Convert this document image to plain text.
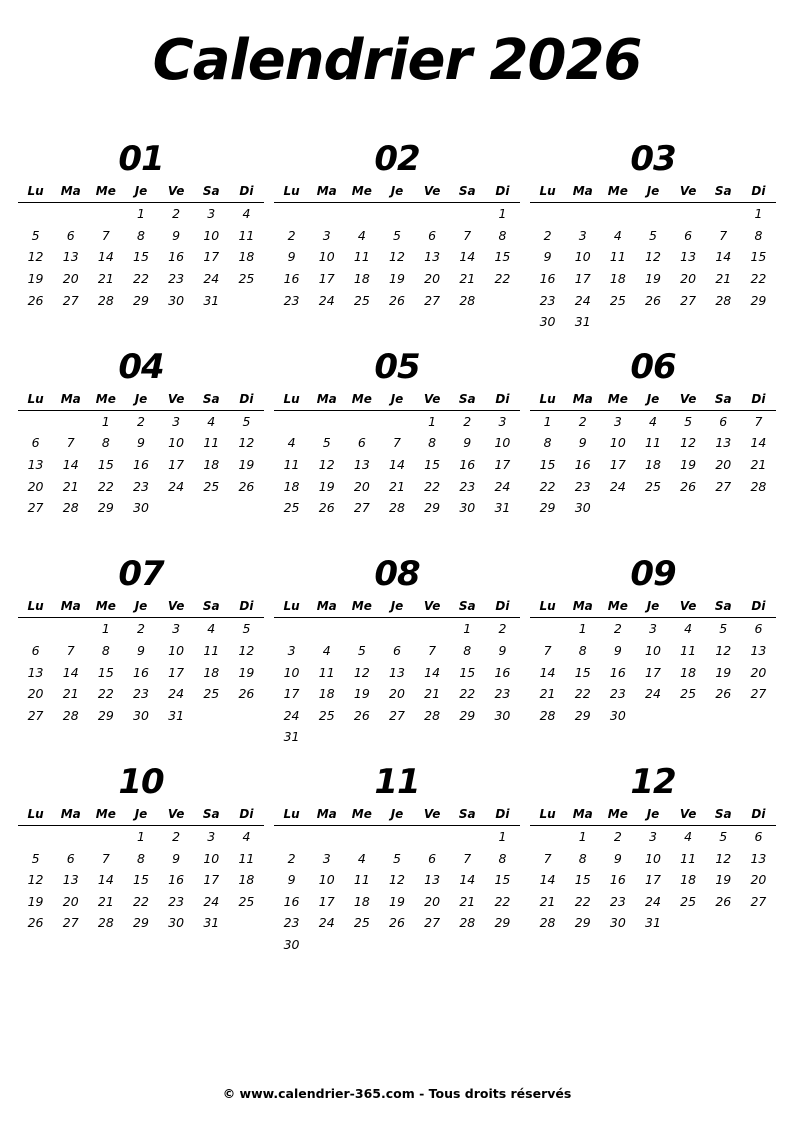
Calendrier 2026
01
Lu	Ma	Me	Je	Ve	Sa	Di
			1	2	3	4
5	6	7	8	9	10	11
12	13	14	15	16	17	18
19	20	21	22	23	24	25
26	27	28	29	30	31	

02
Lu	Ma	Me	Je	Ve	Sa	Di
						1
2	3	4	5	6	7	8
9	10	11	12	13	14	15
16	17	18	19	20	21	22
23	24	25	26	27	28	

03
Lu	Ma	Me	Je	Ve	Sa	Di
						1
2	3	4	5	6	7	8
9	10	11	12	13	14	15
16	17	18	19	20	21	22
23	24	25	26	27	28	29
30	31					
04
Lu	Ma	Me	Je	Ve	Sa	Di
		1	2	3	4	5
6	7	8	9	10	11	12
13	14	15	16	17	18	19
20	21	22	23	24	25	26
27	28	29	30			

05
Lu	Ma	Me	Je	Ve	Sa	Di
				1	2	3
4	5	6	7	8	9	10
11	12	13	14	15	16	17
18	19	20	21	22	23	24
25	26	27	28	29	30	31

06
Lu	Ma	Me	Je	Ve	Sa	Di
1	2	3	4	5	6	7
8	9	10	11	12	13	14
15	16	17	18	19	20	21
22	23	24	25	26	27	28
29	30					

07
Lu	Ma	Me	Je	Ve	Sa	Di
		1	2	3	4	5
6	7	8	9	10	11	12
13	14	15	16	17	18	19
20	21	22	23	24	25	26
27	28	29	30	31		

08
Lu	Ma	Me	Je	Ve	Sa	Di
					1	2
3	4	5	6	7	8	9
10	11	12	13	14	15	16
17	18	19	20	21	22	23
24	25	26	27	28	29	30
31						
09
Lu	Ma	Me	Je	Ve	Sa	Di
	1	2	3	4	5	6
7	8	9	10	11	12	13
14	15	16	17	18	19	20
21	22	23	24	25	26	27
28	29	30				

10
Lu	Ma	Me	Je	Ve	Sa	Di
			1	2	3	4
5	6	7	8	9	10	11
12	13	14	15	16	17	18
19	20	21	22	23	24	25
26	27	28	29	30	31	

11
Lu	Ma	Me	Je	Ve	Sa	Di
						1
2	3	4	5	6	7	8
9	10	11	12	13	14	15
16	17	18	19	20	21	22
23	24	25	26	27	28	29
30						
12
Lu	Ma	Me	Je	Ve	Sa	Di
	1	2	3	4	5	6
7	8	9	10	11	12	13
14	15	16	17	18	19	20
21	22	23	24	25	26	27
28	29	30	31			

© www.calendrier-365.com - Tous droits réservés
